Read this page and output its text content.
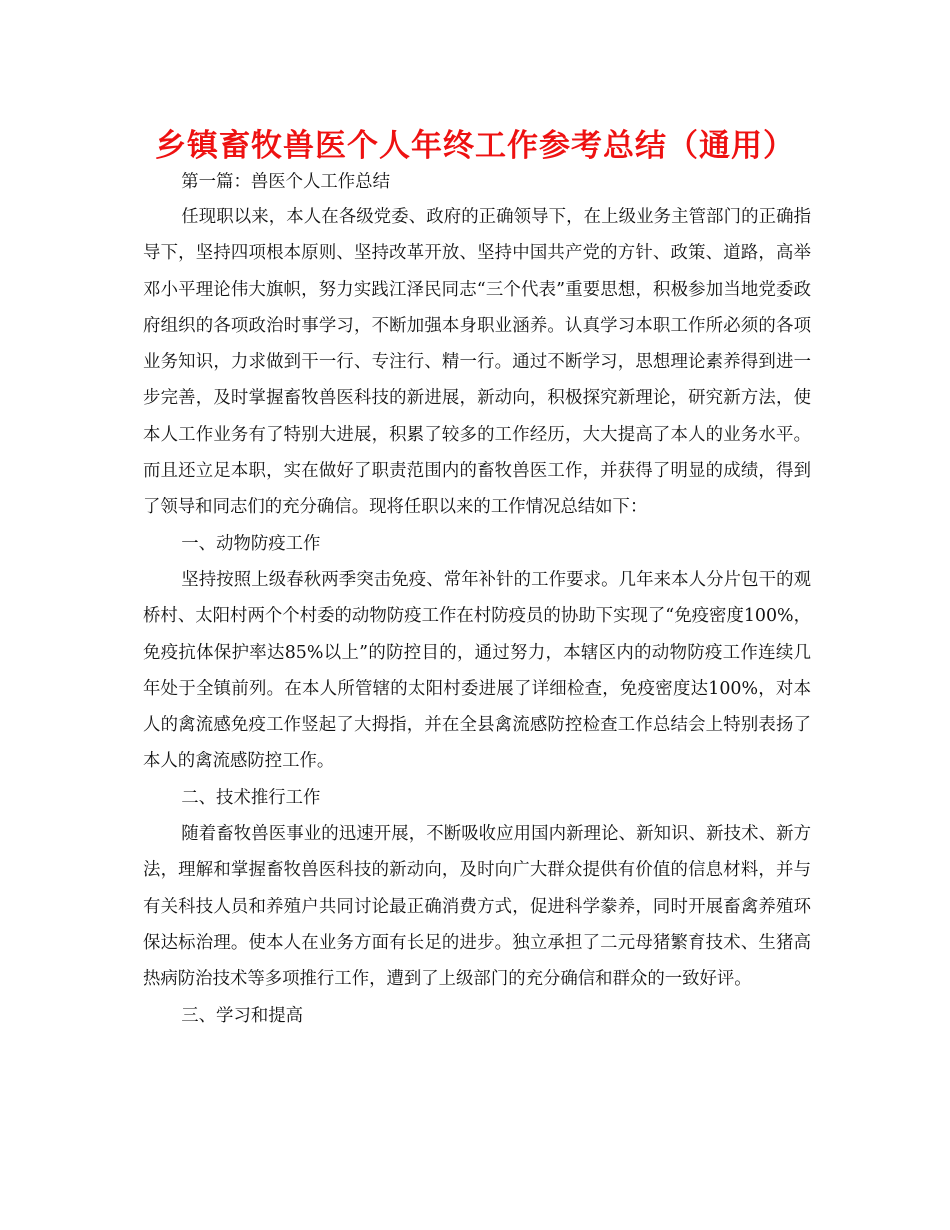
乡镇畜牧兽医个人年终工作参考总结（通用）

第一篇：兽医个人工作总结

任现职以来，本人在各级党委、政府的正确领导下，在上级业务主管部门的正确指导下，坚持四项根本原则、坚持改革开放、坚持中国共产党的方针、政策、道路，高举邓小平理论伟大旗帜，努力实践江泽民同志“三个代表”重要思想，积极参加当地党委政府组织的各项政治时事学习，不断加强本身职业涵养。认真学习本职工作所必须的各项业务知识，力求做到干一行、专注行、精一行。通过不断学习，思想理论素养得到进一步完善，及时掌握畜牧兽医科技的新进展，新动向，积极探究新理论，研究新方法，使本人工作业务有了特别大进展，积累了较多的工作经历，大大提高了本人的业务水平。而且还立足本职，实在做好了职责范围内的畜牧兽医工作，并获得了明显的成绩，得到了领导和同志们的充分确信。现将任职以来的工作情况总结如下：

一、动物防疫工作

坚持按照上级春秋两季突击免疫、常年补针的工作要求。几年来本人分片包干的观桥村、太阳村两个个村委的动物防疫工作在村防疫员的协助下实现了“免疫密度100%，免疫抗体保护率达85%以上”的防控目的，通过努力，本辖区内的动物防疫工作连续几年处于全镇前列。在本人所管辖的太阳村委进展了详细检查，免疫密度达100%，对本人的禽流感免疫工作竖起了大拇指，并在全县禽流感防控检查工作总结会上特别表扬了本人的禽流感防控工作。

二、技术推行工作

随着畜牧兽医事业的迅速开展，不断吸收应用国内新理论、新知识、新技术、新方法，理解和掌握畜牧兽医科技的新动向，及时向广大群众提供有价值的信息材料，并与有关科技人员和养殖户共同讨论最正确消费方式，促进科学豢养，同时开展畜禽养殖环保达标治理。使本人在业务方面有长足的进步。独立承担了二元母猪繁育技术、生猪高热病防治技术等多项推行工作，遭到了上级部门的充分确信和群众的一致好评。

三、学习和提高
